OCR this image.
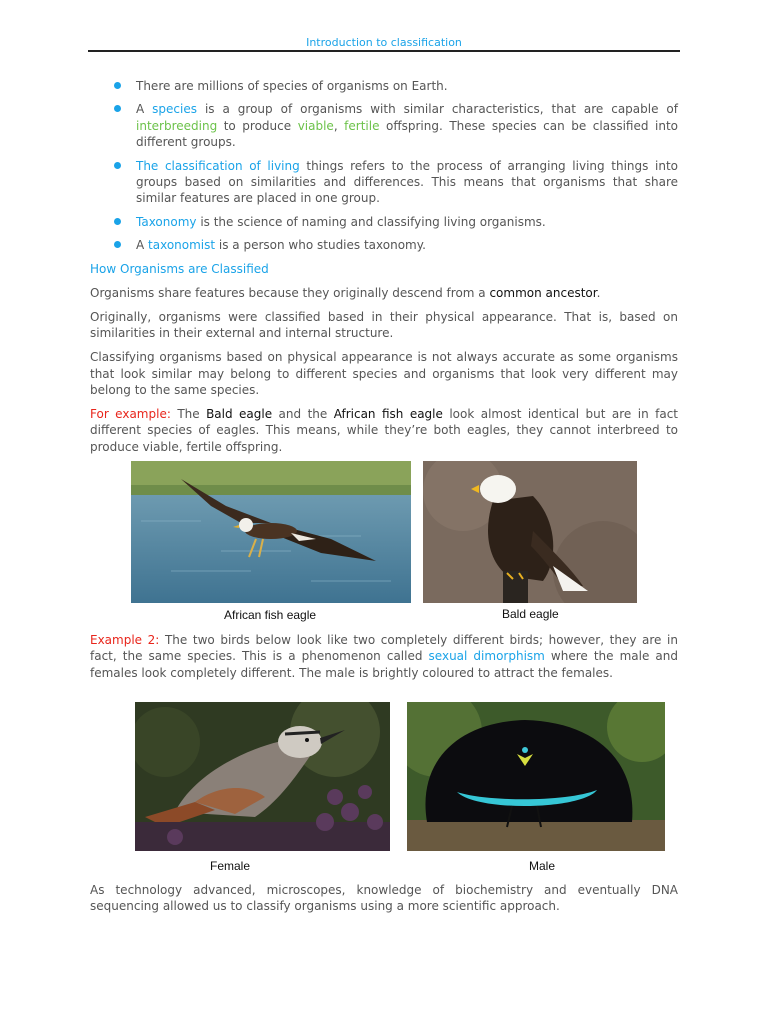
Introduction to classification
There are millions of species of organisms on Earth.
A species is a group of organisms with similar characteristics, that are capable of interbreeding to produce viable, fertile offspring. These species can be classified into different groups.
The classification of living things refers to the process of arranging living things into groups based on similarities and differences. This means that organisms that share similar features are placed in one group.
Taxonomy is the science of naming and classifying living organisms.
A taxonomist is a person who studies taxonomy.

How Organisms are Classified

Organisms share features because they originally descend from a common ancestor.

Originally, organisms were classified based in their physical appearance. That is, based on similarities in their external and internal structure.

Classifying organisms based on physical appearance is not always accurate as some organisms that look similar may belong to different species and organisms that look very different may belong to the same species.

For example: The Bald eagle and the African fish eagle look almost identical but are in fact different species of eagles. This means, while they’re both eagles, they cannot interbreed to produce viable, fertile offspring.

African fish eagle	Bald eagle

Example 2: The two birds below look like two completely different birds; however, they are in fact, the same species. This is a phenomenon called sexual dimorphism where the male and females look completely different. The male is brightly coloured to attract the females.

Female	Male

As technology advanced, microscopes, knowledge of biochemistry and eventually DNA sequencing allowed us to classify organisms using a more scientific approach.
